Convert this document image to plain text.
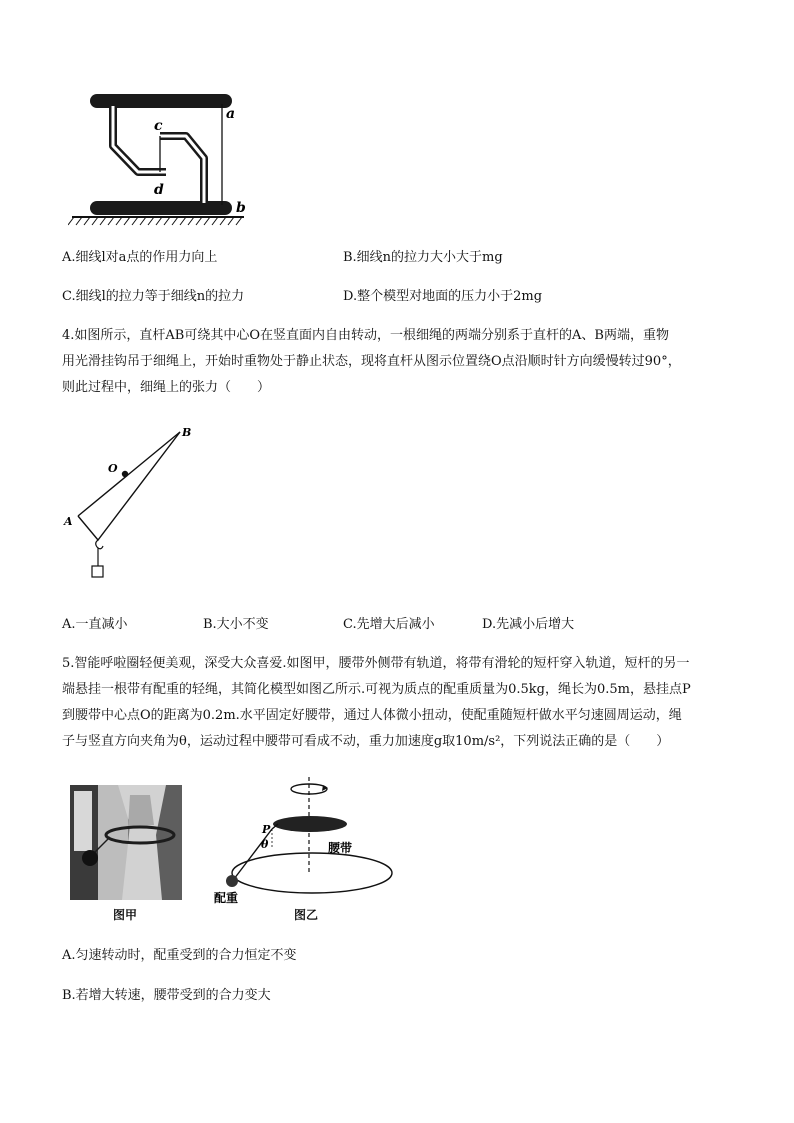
c
d
a
b
A.细线l对a点的作用力向上	B.细线n的拉力大小大于mg
C.细线l的拉力等于细线n的拉力	D.整个模型对地面的压力小于2mg
4.如图所示，直杆AB可绕其中心O在竖直面内自由转动，一根细绳的两端分别系于直杆的A、B两端，重物
用光滑挂钩吊于细绳上，开始时重物处于静止状态，现将直杆从图示位置绕O点沿顺时针方向缓慢转过90°，
则此过程中，细绳上的张力（　　）
B
O
A
A.一直减小	B.大小不变	C.先增大后减小	D.先减小后增大
5.智能呼啦圈轻便美观，深受大众喜爱.如图甲，腰带外侧带有轨道，将带有滑轮的短杆穿入轨道，短杆的另一
端悬挂一根带有配重的轻绳，其简化模型如图乙所示.可视为质点的配重质量为0.5kg，绳长为0.5m，悬挂点P
到腰带中心点O的距离为0.2m.水平固定好腰带，通过人体微小扭动，使配重随短杆做水平匀速圆周运动，绳
子与竖直方向夹角为θ，运动过程中腰带可看成不动，重力加速度g取10m/s²，下列说法正确的是（　　）
P
θ	腰带
配重
图甲	图乙
A.匀速转动时，配重受到的合力恒定不变
B.若增大转速，腰带受到的合力变大
